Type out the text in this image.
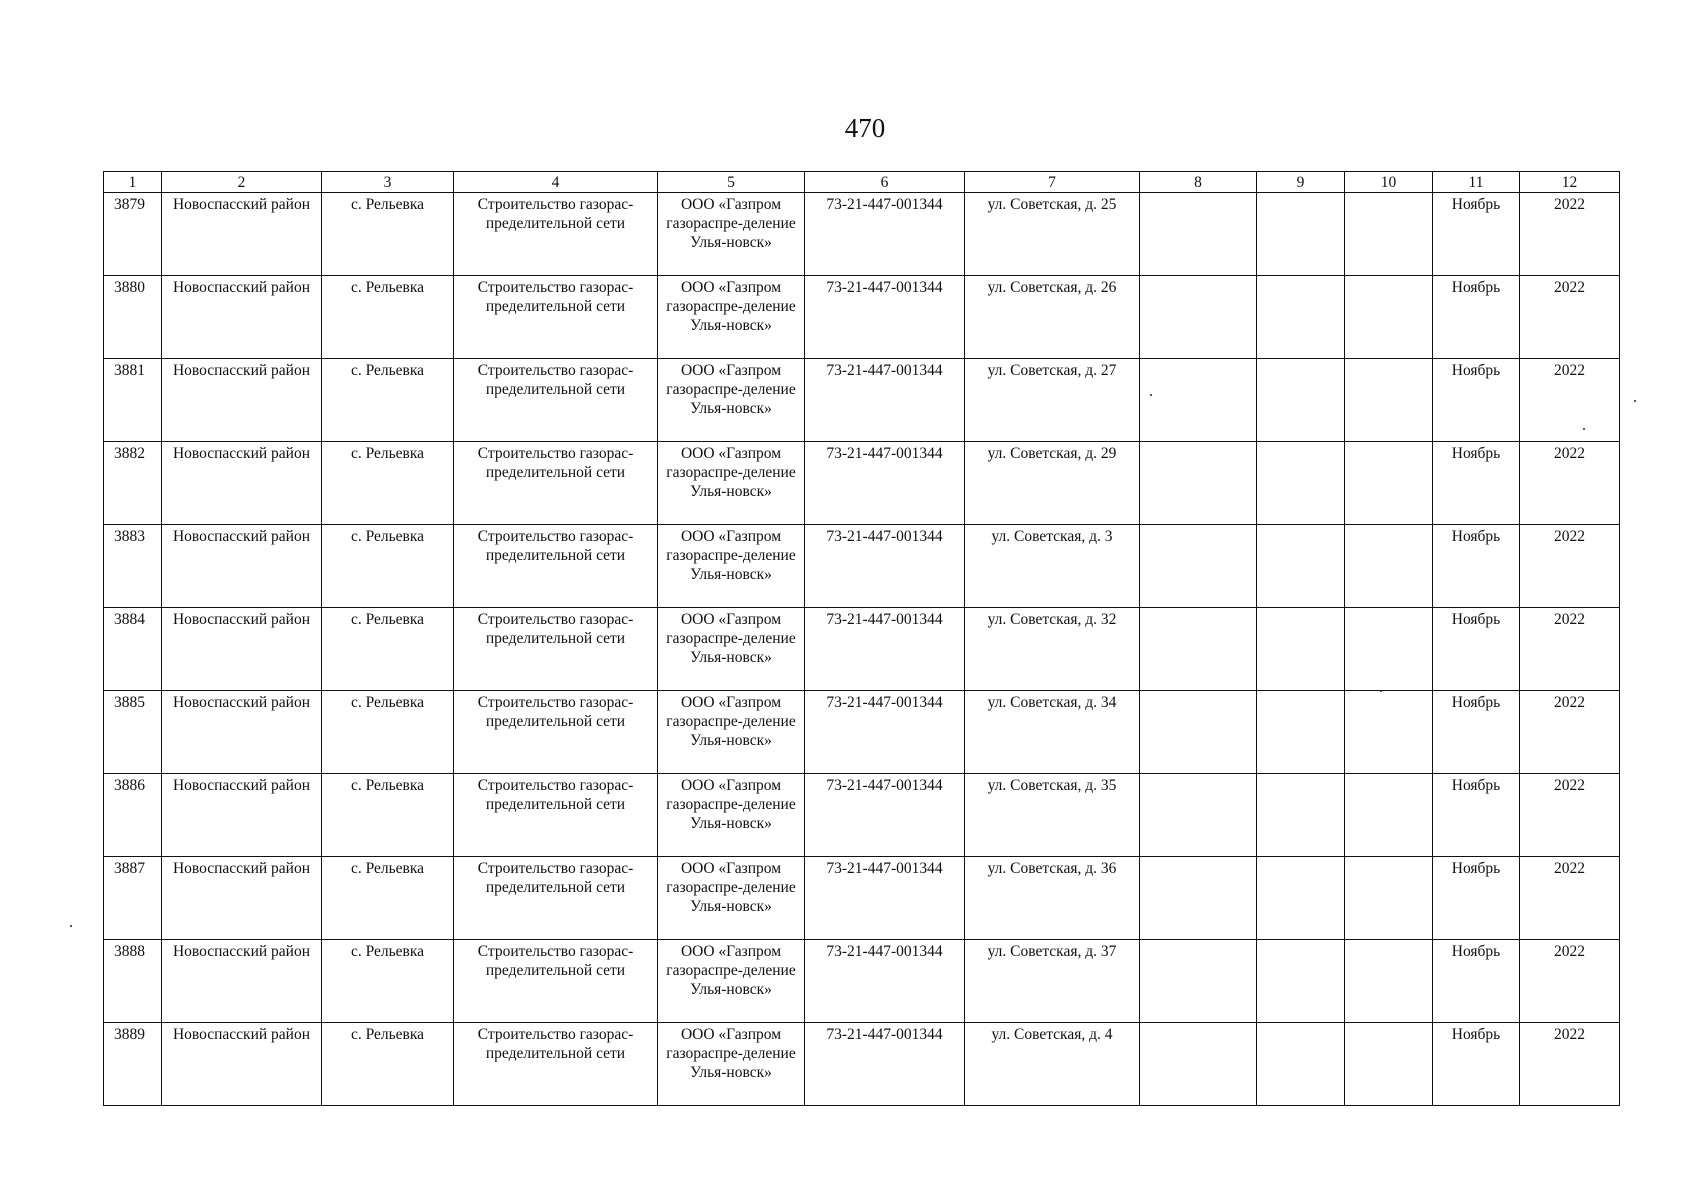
470
1	2	3	4	5	6	7	8	9	10	11	12
3879	Новоспасский район	с. Рельевка	Строительство газорас-пределительной сети	ООО «Газпром газораспре-деление Улья-новск»	73-21-447-001344	ул. Советская, д. 25				Ноябрь	2022
3880	Новоспасский район	с. Рельевка	Строительство газорас-пределительной сети	ООО «Газпром газораспре-деление Улья-новск»	73-21-447-001344	ул. Советская, д. 26				Ноябрь	2022
3881	Новоспасский район	с. Рельевка	Строительство газорас-пределительной сети	ООО «Газпром газораспре-деление Улья-новск»	73-21-447-001344	ул. Советская, д. 27				Ноябрь	2022
3882	Новоспасский район	с. Рельевка	Строительство газорас-пределительной сети	ООО «Газпром газораспре-деление Улья-новск»	73-21-447-001344	ул. Советская, д. 29				Ноябрь	2022
3883	Новоспасский район	с. Рельевка	Строительство газорас-пределительной сети	ООО «Газпром газораспре-деление Улья-новск»	73-21-447-001344	ул. Советская, д. 3				Ноябрь	2022
3884	Новоспасский район	с. Рельевка	Строительство газорас-пределительной сети	ООО «Газпром газораспре-деление Улья-новск»	73-21-447-001344	ул. Советская, д. 32				Ноябрь	2022
3885	Новоспасский район	с. Рельевка	Строительство газорас-пределительной сети	ООО «Газпром газораспре-деление Улья-новск»	73-21-447-001344	ул. Советская, д. 34				Ноябрь	2022
3886	Новоспасский район	с. Рельевка	Строительство газорас-пределительной сети	ООО «Газпром газораспре-деление Улья-новск»	73-21-447-001344	ул. Советская, д. 35				Ноябрь	2022
3887	Новоспасский район	с. Рельевка	Строительство газорас-пределительной сети	ООО «Газпром газораспре-деление Улья-новск»	73-21-447-001344	ул. Советская, д. 36				Ноябрь	2022
3888	Новоспасский район	с. Рельевка	Строительство газорас-пределительной сети	ООО «Газпром газораспре-деление Улья-новск»	73-21-447-001344	ул. Советская, д. 37				Ноябрь	2022
3889	Новоспасский район	с. Рельевка	Строительство газорас-пределительной сети	ООО «Газпром газораспре-деление Улья-новск»	73-21-447-001344	ул. Советская, д. 4				Ноябрь	2022
